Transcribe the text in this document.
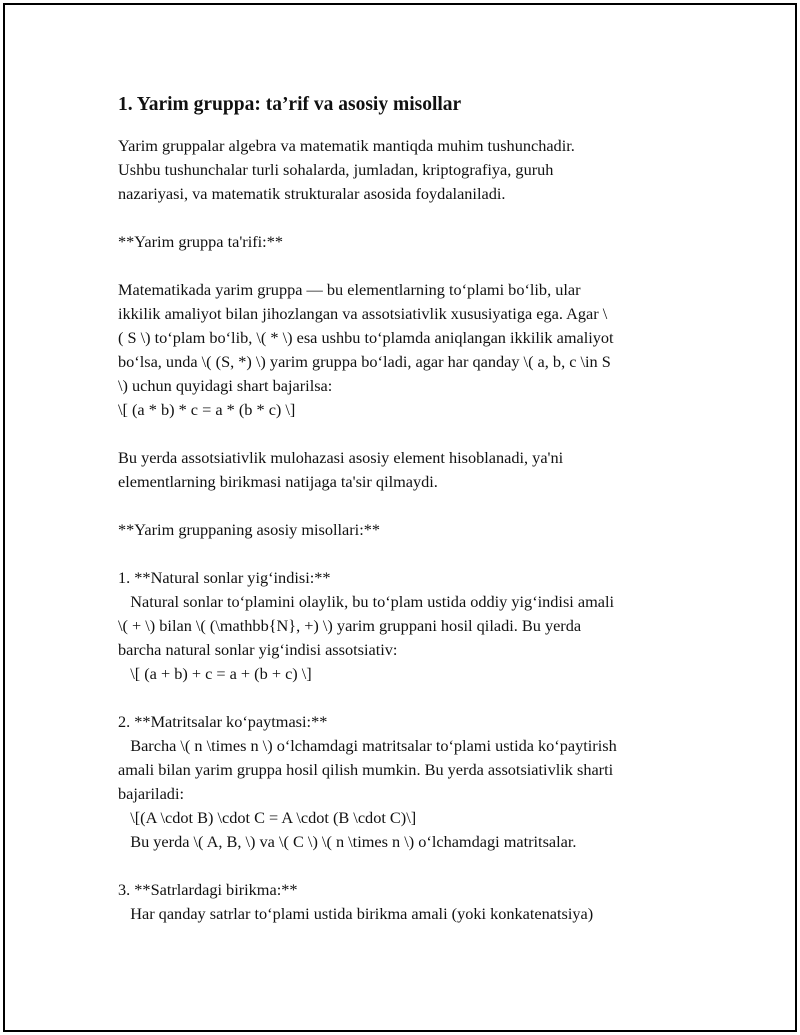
1. Yarim gruppa: ta’rif va asosiy misollar
Yarim gruppalar algebra va matematik mantiqda muhim tushunchadir.
Ushbu tushunchalar turli sohalarda, jumladan, kriptografiya, guruh
nazariyasi, va matematik strukturalar asosida foydalaniladi.
**Yarim gruppa ta'rifi:**
Matematikada yarim gruppa — bu elementlarning to‘plami bo‘lib, ular
ikkilik amaliyot bilan jihozlangan va assotsiativlik xususiyatiga ega. Agar \
( S \) to‘plam bo‘lib, \( * \) esa ushbu to‘plamda aniqlangan ikkilik amaliyot
bo‘lsa, unda \( (S, *) \) yarim gruppa bo‘ladi, agar har qanday \( a, b, c \in S
\) uchun quyidagi shart bajarilsa:
\[ (a * b) * c = a * (b * c) \]
Bu yerda assotsiativlik mulohazasi asosiy element hisoblanadi, ya'ni
elementlarning birikmasi natijaga ta'sir qilmaydi.
**Yarim gruppaning asosiy misollari:**
1. **Natural sonlar yig‘indisi:**
Natural sonlar to‘plamini olaylik, bu to‘plam ustida oddiy yig‘indisi amali
\( + \) bilan \( (\mathbb{N}, +) \) yarim gruppani hosil qiladi. Bu yerda
barcha natural sonlar yig‘indisi assotsiativ:
\[ (a + b) + c = a + (b + c) \]
2. **Matritsalar ko‘paytmasi:**
Barcha \( n \times n \) o‘lchamdagi matritsalar to‘plami ustida ko‘paytirish
amali bilan yarim gruppa hosil qilish mumkin. Bu yerda assotsiativlik sharti
bajariladi:
\[(A \cdot B) \cdot C = A \cdot (B \cdot C)\]
Bu yerda \( A, B, \) va \( C \) \( n \times n \) o‘lchamdagi matritsalar.
3. **Satrlardagi birikma:**
Har qanday satrlar to‘plami ustida birikma amali (yoki konkatenatsiya)
